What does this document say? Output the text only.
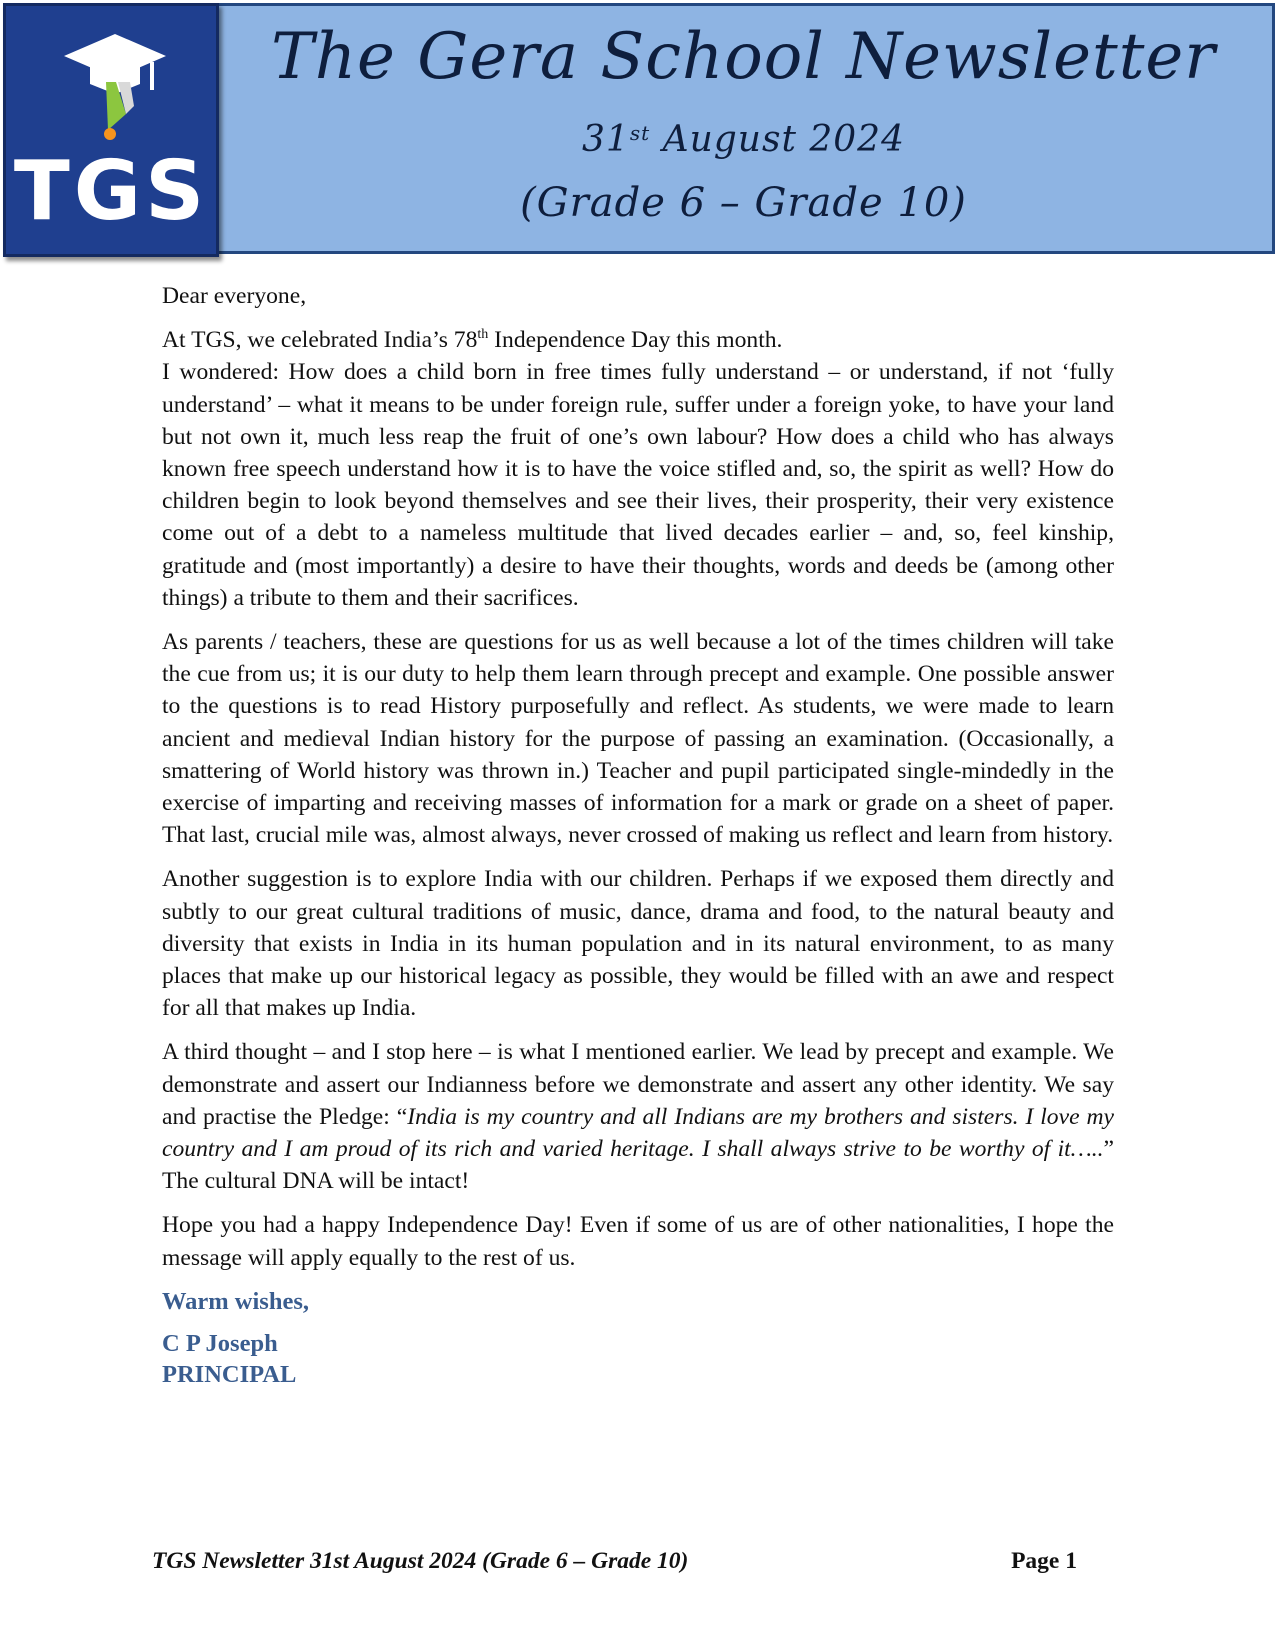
TGS
The Gera School Newsletter
31st August 2024
(Grade 6 – Grade 10)

Dear everyone,

At TGS, we celebrated India’s 78th Independence Day this month.

I wondered: How does a child born in free times fully understand – or understand, if not ‘fully understand’ – what it means to be under foreign rule, suffer under a foreign yoke, to have your land but not own it, much less reap the fruit of one’s own labour? How does a child who has always known free speech understand how it is to have the voice stifled and, so, the spirit as well? How do children begin to look beyond themselves and see their lives, their prosperity, their very existence come out of a debt to a nameless multitude that lived decades earlier – and, so, feel kinship, gratitude and (most importantly) a desire to have their thoughts, words and deeds be (among other things) a tribute to them and their sacrifices.

As parents / teachers, these are questions for us as well because a lot of the times children will take the cue from us; it is our duty to help them learn through precept and example. One possible answer to the questions is to read History purposefully and reflect. As students, we were made to learn ancient and medieval Indian history for the purpose of passing an examination. (Occasionally, a smattering of World history was thrown in.) Teacher and pupil participated single-mindedly in the exercise of imparting and receiving masses of information for a mark or grade on a sheet of paper. That last, crucial mile was, almost always, never crossed of making us reflect and learn from history.

Another suggestion is to explore India with our children. Perhaps if we exposed them directly and subtly to our great cultural traditions of music, dance, drama and food, to the natural beauty and diversity that exists in India in its human population and in its natural environment, to as many places that make up our historical legacy as possible, they would be filled with an awe and respect for all that makes up India.

A third thought – and I stop here – is what I mentioned earlier. We lead by precept and example. We demonstrate and assert our Indianness before we demonstrate and assert any other identity. We say and practise the Pledge: “India is my country and all Indians are my brothers and sisters. I love my country and I am proud of its rich and varied heritage. I shall always strive to be worthy of it…..” The cultural DNA will be intact!

Hope you had a happy Independence Day! Even if some of us are of other nationalities, I hope the message will apply equally to the rest of us.

Warm wishes,
C P Joseph
PRINCIPAL
TGS Newsletter 31st August 2024 (Grade 6 – Grade 10)	Page 1
